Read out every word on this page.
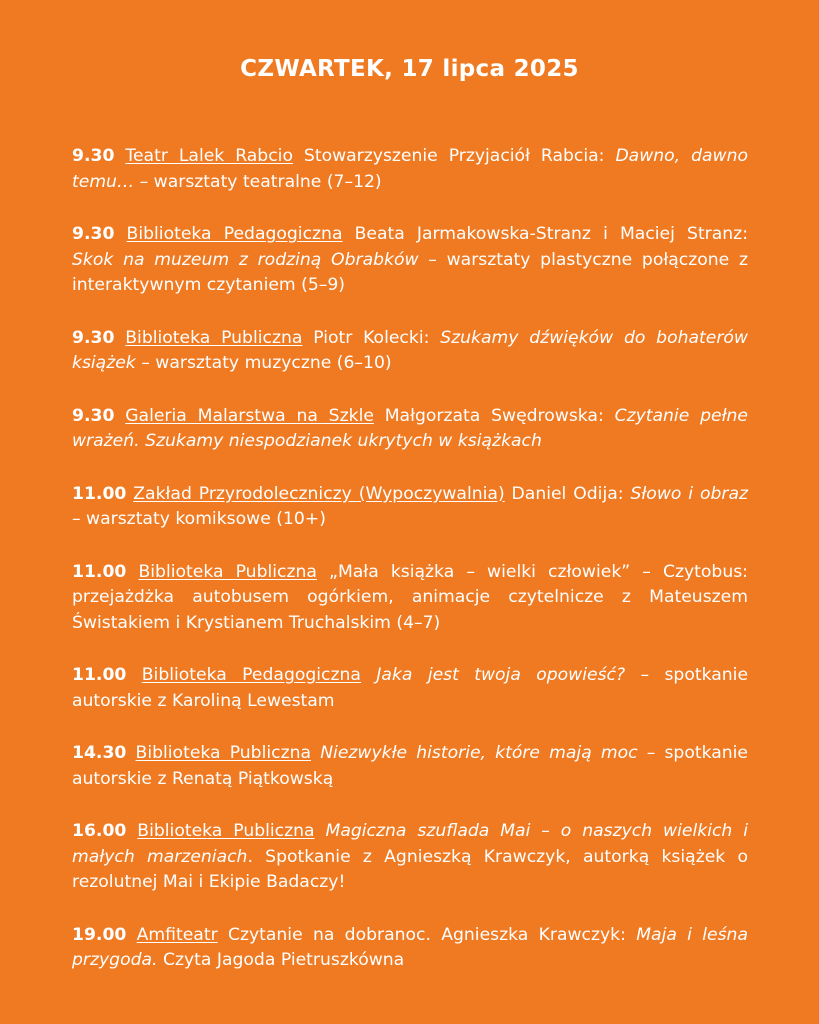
CZWARTEK, 17 lipca 2025

9.30 Teatr Lalek Rabcio Stowarzyszenie Przyjaciół Rabcia: Dawno, dawno temu… – warsztaty teatralne (7–12)

9.30 Biblioteka Pedagogiczna Beata Jarmakowska-Stranz i Maciej Stranz: Skok na muzeum z rodziną Obrabków – warsztaty plastyczne połączone z interaktywnym czytaniem (5–9)

9.30 Biblioteka Publiczna Piotr Kolecki: Szukamy dźwięków do bohaterów książek – warsztaty muzyczne (6–10)

9.30 Galeria Malarstwa na Szkle Małgorzata Swędrowska: Czytanie pełne wrażeń. Szukamy niespodzianek ukrytych w książkach

11.00 Zakład Przyrodoleczniczy (Wypoczywalnia) Daniel Odija: Słowo i obraz – warsztaty komiksowe (10+)

11.00 Biblioteka Publiczna „Mała książka – wielki człowiek” – Czytobus: przejażdżka autobusem ogórkiem, animacje czytelnicze z Mateuszem Świstakiem i Krystianem Truchalskim (4–7)

11.00 Biblioteka Pedagogiczna Jaka jest twoja opowieść? – spotkanie autorskie z Karoliną Lewestam

14.30 Biblioteka Publiczna Niezwykłe historie, które mają moc – spotkanie autorskie z Renatą Piątkowską

16.00 Biblioteka Publiczna Magiczna szuflada Mai – o naszych wielkich i małych marzeniach. Spotkanie z Agnieszką Krawczyk, autorką książek o rezolutnej Mai i Ekipie Badaczy!

19.00 Amfiteatr Czytanie na dobranoc. Agnieszka Krawczyk: Maja i leśna przygoda. Czyta Jagoda Pietruszkówna
